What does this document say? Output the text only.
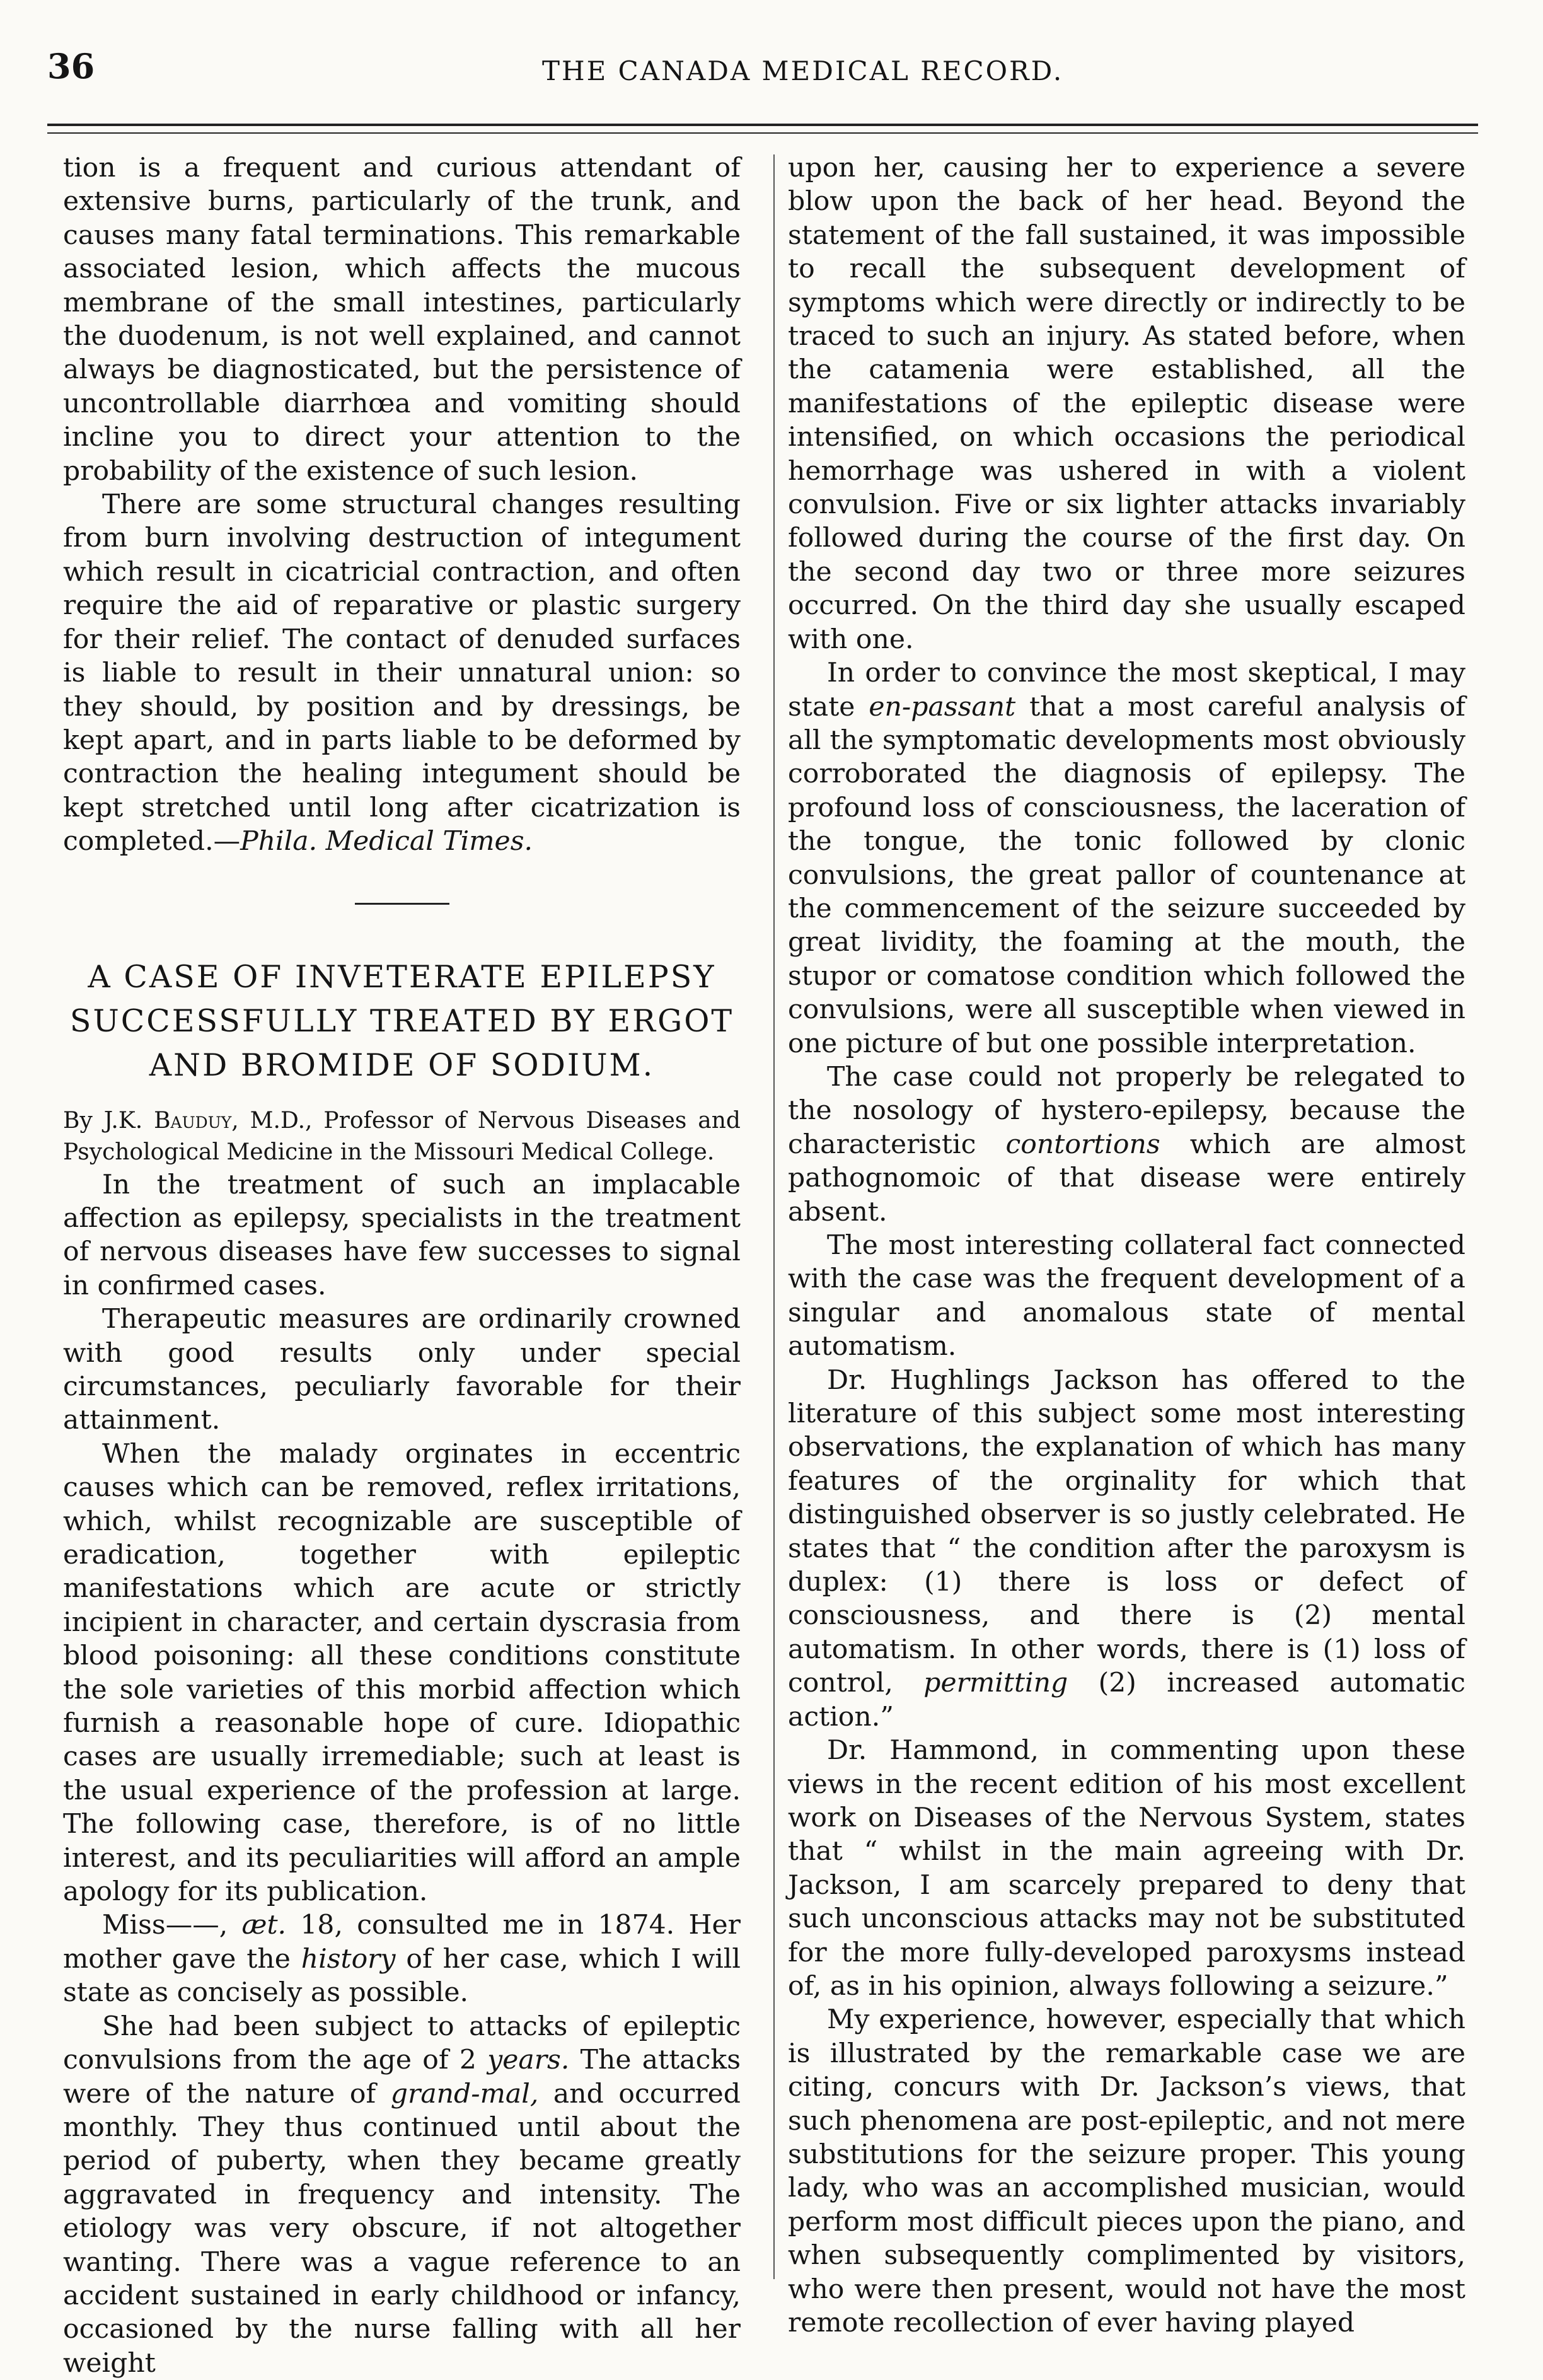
36	THE CANADA MEDICAL RECORD.

tion is a frequent and curious attendant of extensive burns, particularly of the trunk, and causes many fatal terminations. This remarkable associated lesion, which affects the mucous membrane of the small intestines, particularly the duodenum, is not well explained, and cannot always be diagnosticated, but the persistence of uncontrollable diarrhœa and vomiting should incline you to direct your attention to the probability of the existence of such lesion.

There are some structural changes resulting from burn involving destruction of integument which result in cicatricial contraction, and often require the aid of reparative or plastic surgery for their relief. The contact of denuded surfaces is liable to result in their unnatural union: so they should, by position and by dressings, be kept apart, and in parts liable to be deformed by contraction the healing integument should be kept stretched until long after cicatrization is completed.—Phila. Medical Times.

A CASE OF INVETERATE EPILEPSY SUCCESSFULLY TREATED BY ERGOT AND BROMIDE OF SODIUM.

By J.K. Bauduy, M.D., Professor of Nervous Diseases and Psychological Medicine in the Missouri Medical College.

In the treatment of such an implacable affection as epilepsy, specialists in the treatment of nervous diseases have few successes to signal in confirmed cases.

Therapeutic measures are ordinarily crowned with good results only under special circumstances, peculiarly favorable for their attainment.

When the malady orginates in eccentric causes which can be removed, reflex irritations, which, whilst recognizable are susceptible of eradication, together with epileptic manifestations which are acute or strictly incipient in character, and certain dyscrasia from blood poisoning: all these conditions constitute the sole varieties of this morbid affection which furnish a reasonable hope of cure. Idiopathic cases are usually irremediable; such at least is the usual experience of the profession at large. The following case, therefore, is of no little interest, and its peculiarities will afford an ample apology for its publication.

Miss——, ӕt. 18, consulted me in 1874. Her mother gave the history of her case, which I will state as concisely as possible.

She had been subject to attacks of epileptic convulsions from the age of 2 years. The attacks were of the nature of grand-mal, and occurred monthly. They thus continued until about the period of puberty, when they became greatly aggravated in frequency and intensity. The etiology was very obscure, if not altogether wanting. There was a vague reference to an accident sustained in early childhood or infancy, occasioned by the nurse falling with all her weight

upon her, causing her to experience a severe blow upon the back of her head. Beyond the statement of the fall sustained, it was impossible to recall the subsequent development of symptoms which were directly or indirectly to be traced to such an injury. As stated before, when the catamenia were established, all the manifestations of the epileptic disease were intensified, on which occasions the periodical hemorrhage was ushered in with a violent convulsion. Five or six lighter attacks invariably followed during the course of the first day. On the second day two or three more seizures occurred. On the third day she usually escaped with one.

In order to convince the most skeptical, I may state en-passant that a most careful analysis of all the symptomatic developments most obviously corroborated the diagnosis of epilepsy. The profound loss of consciousness, the laceration of the tongue, the tonic followed by clonic convulsions, the great pallor of countenance at the commencement of the seizure succeeded by great lividity, the foaming at the mouth, the stupor or comatose condition which followed the convulsions, were all susceptible when viewed in one picture of but one possible interpretation.

The case could not properly be relegated to the nosology of hystero-epilepsy, because the characteristic contortions which are almost pathognomoic of that disease were entirely absent.

The most interesting collateral fact connected with the case was the frequent development of a singular and anomalous state of mental automatism.

Dr. Hughlings Jackson has offered to the literature of this subject some most interesting observations, the explanation of which has many features of the orginality for which that distinguished observer is so justly celebrated. He states that “ the condition after the paroxysm is duplex: (1) there is loss or defect of consciousness, and there is (2) mental automatism. In other words, there is (1) loss of control, permitting (2) increased automatic action.”

Dr. Hammond, in commenting upon these views in the recent edition of his most excellent work on Diseases of the Nervous System, states that “ whilst in the main agreeing with Dr. Jackson, I am scarcely prepared to deny that such unconscious attacks may not be substituted for the more fully-developed paroxysms instead of, as in his opinion, always following a seizure.”

My experience, however, especially that which is illustrated by the remarkable case we are citing, concurs with Dr. Jackson’s views, that such phenomena are post-epileptic, and not mere substitutions for the seizure proper. This young lady, who was an accomplished musician, would perform most difficult pieces upon the piano, and when subsequently complimented by visitors, who were then present, would not have the most remote recollection of ever having played
